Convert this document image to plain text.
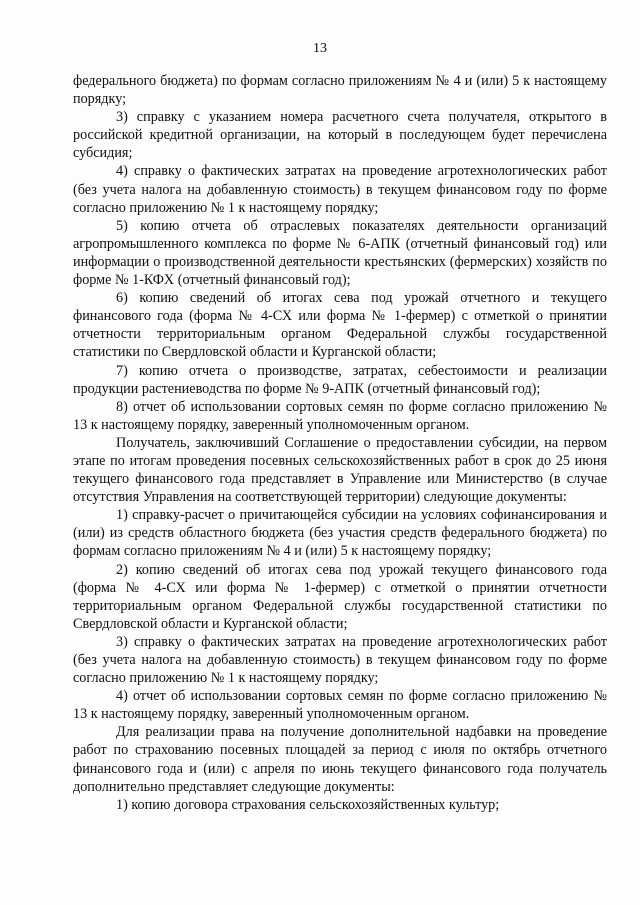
13

федерального бюджета) по формам согласно приложениям № 4 и (или) 5 к настоящему порядку;

3) справку с указанием номера расчетного счета получателя, открытого в российской кредитной организации, на который в последующем будет перечислена субсидия;

4) справку о фактических затратах на проведение агротехнологических работ (без учета налога на добавленную стоимость) в текущем финансовом году по форме согласно приложению № 1 к настоящему порядку;

5) копию отчета об отраслевых показателях деятельности организаций агропромышленного комплекса по форме № 6-АПК (отчетный финансовый год) или информации о производственной деятельности крестьянских (фермерских) хозяйств по форме № 1-КФХ (отчетный финансовый год);

6) копию сведений об итогах сева под урожай отчетного и текущего финансового года (форма № 4-СХ или форма № 1-фермер) с отметкой о принятии отчетности территориальным органом Федеральной службы государственной статистики по Свердловской области и Курганской области;

7) копию отчета о производстве, затратах, себестоимости и реализации продукции растениеводства по форме № 9-АПК (отчетный финансовый год);

8) отчет об использовании сортовых семян по форме согласно приложению № 13 к настоящему порядку, заверенный уполномоченным органом.

Получатель, заключивший Соглашение о предоставлении субсидии, на первом этапе по итогам проведения посевных сельскохозяйственных работ в срок до 25 июня текущего финансового года представляет в Управление или Министерство (в случае отсутствия Управления на соответствующей территории) следующие документы:

1) справку-расчет о причитающейся субсидии на условиях софинансирования и (или) из средств областного бюджета (без участия средств федерального бюджета) по формам согласно приложениям № 4 и (или) 5 к настоящему порядку;

2) копию сведений об итогах сева под урожай текущего финансового года (форма № 4-СХ или форма № 1-фермер) с отметкой о принятии отчетности территориальным органом Федеральной службы государственной статистики по Свердловской области и Курганской области;

3) справку о фактических затратах на проведение агротехнологических работ (без учета налога на добавленную стоимость) в текущем финансовом году по форме согласно приложению № 1 к настоящему порядку;

4) отчет об использовании сортовых семян по форме согласно приложению № 13 к настоящему порядку, заверенный уполномоченным органом.

Для реализации права на получение дополнительной надбавки на проведение работ по страхованию посевных площадей за период с июля по октябрь отчетного финансового года и (или) с апреля по июнь текущего финансового года получатель дополнительно представляет следующие документы:

1) копию договора страхования сельскохозяйственных культур;
